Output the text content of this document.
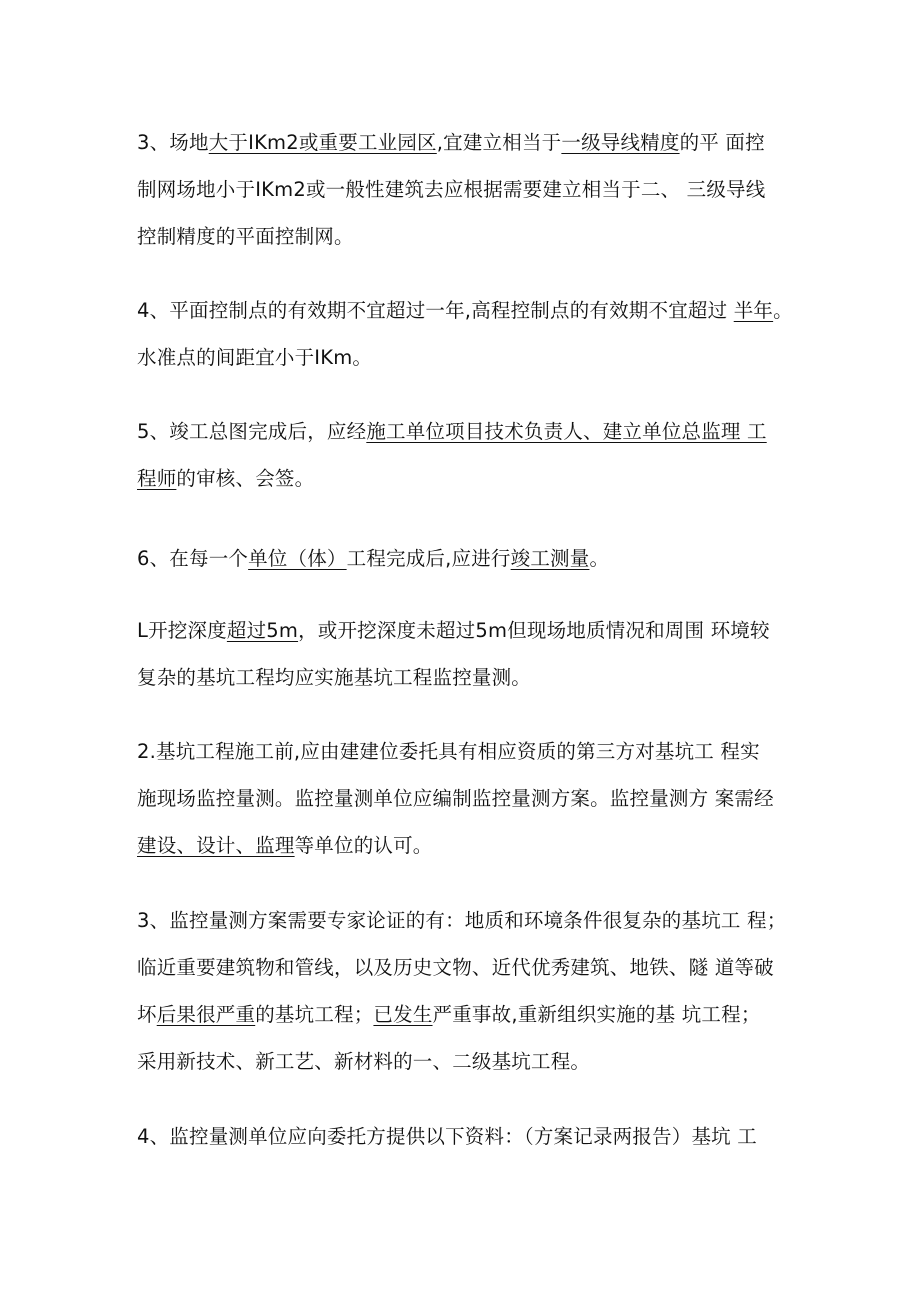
3、场地大于IKm2或重要工业园区,宜建立相当于一级导线精度的平 面控
制网场地小于IKm2或一般性建筑去应根据需要建立相当于二、 三级导线
控制精度的平面控制网。
4、平面控制点的有效期不宜超过一年,高程控制点的有效期不宜超过 半年。
水准点的间距宜小于IKm。
5、竣工总图完成后，应经施工单位项目技术负责人、建立单位总监理 工
程师的审核、会签。
6、在每一个单位（体）工程完成后,应进行竣工测量。
L开挖深度超过5m，或开挖深度未超过5m但现场地质情况和周围 环境较
复杂的基坑工程均应实施基坑工程监控量测。
2.基坑工程施工前,应由建建位委托具有相应资质的第三方对基坑工 程实
施现场监控量测。监控量测单位应编制监控量测方案。监控量测方 案需经
建设、设计、监理等单位的认可。
3、监控量测方案需要专家论证的有：地质和环境条件很复杂的基坑工 程；
临近重要建筑物和管线，以及历史文物、近代优秀建筑、地铁、隧 道等破
坏后果很严重的基坑工程；已发生严重事故,重新组织实施的基 坑工程；
采用新技术、新工艺、新材料的一、二级基坑工程。
4、监控量测单位应向委托方提供以下资料：（方案记录两报告）基坑 工
